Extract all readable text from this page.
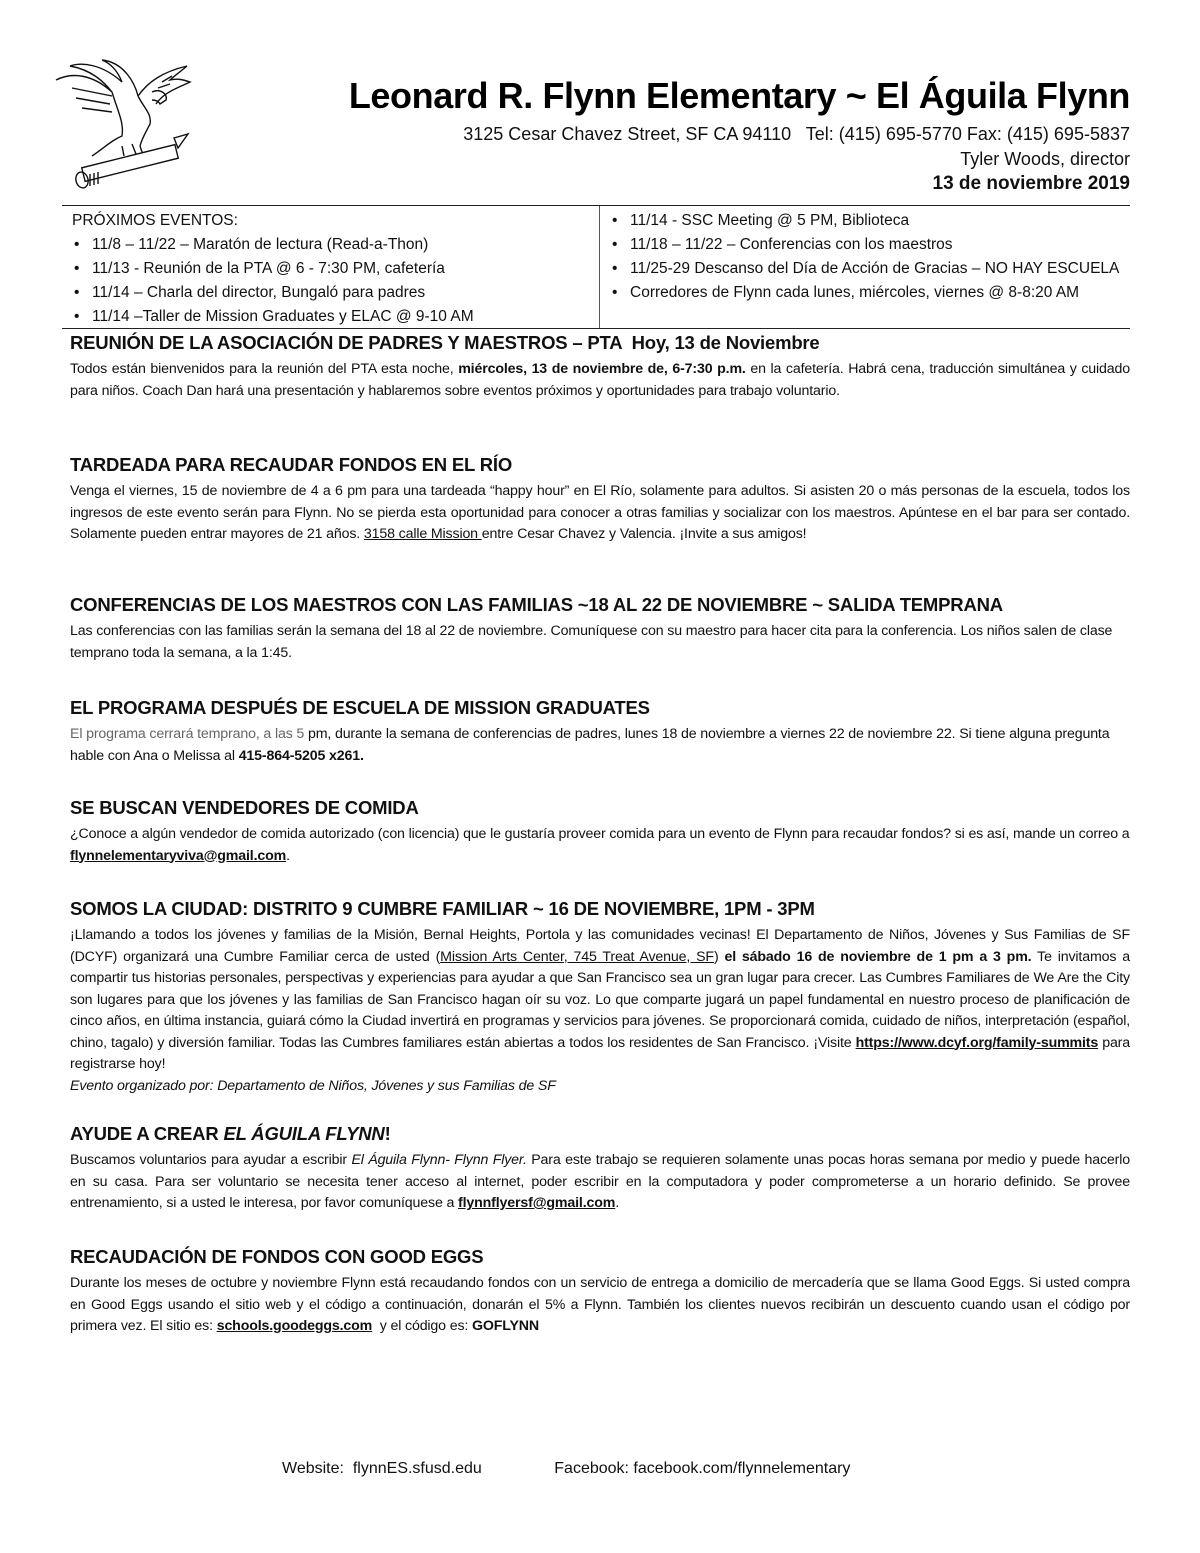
Leonard R. Flynn Elementary ~ El Águila Flynn
3125 Cesar Chavez Street, SF CA 94110   Tel: (415) 695-5770 Fax: (415) 695-5837
Tyler Woods, director
13 de noviembre 2019
PRÓXIMOS EVENTOS:
• 11/8 – 11/22 – Maratón de lectura (Read-a-Thon)
• 11/13 - Reunión de la PTA @ 6 - 7:30 PM, cafetería
• 11/14 – Charla del director, Bungaló para padres
• 11/14 –Taller de Mission Graduates y ELAC @ 9-10 AM
• 11/14 - SSC Meeting @ 5 PM, Biblioteca
• 11/18 – 11/22 – Conferencias con los maestros
• 11/25-29 Descanso del Día de Acción de Gracias – NO HAY ESCUELA
• Corredores de Flynn cada lunes, miércoles, viernes @ 8-8:20 AM
REUNIÓN DE LA ASOCIACIÓN DE PADRES Y MAESTROS – PTA  Hoy, 13 de Noviembre
Todos están bienvenidos para la reunión del PTA esta noche, miércoles, 13 de noviembre de, 6-7:30 p.m. en la cafetería. Habrá cena, traducción simultánea y cuidado para niños. Coach Dan hará una presentación y hablaremos sobre eventos próximos y oportunidades para trabajo voluntario.
TARDEADA PARA RECAUDAR FONDOS EN EL RÍO
Venga el viernes, 15 de noviembre de 4 a 6 pm para una tardeada “happy hour” en El Río, solamente para adultos. Si asisten 20 o más personas de la escuela, todos los ingresos de este evento serán para Flynn. No se pierda esta oportunidad para conocer a otras familias y socializar con los maestros. Apúntese en el bar para ser contado. Solamente pueden entrar mayores de 21 años. 3158 calle Mission entre Cesar Chavez y Valencia. ¡Invite a sus amigos!
CONFERENCIAS DE LOS MAESTROS CON LAS FAMILIAS ~18 AL 22 DE NOVIEMBRE ~ SALIDA TEMPRANA
Las conferencias con las familias serán la semana del 18 al 22 de noviembre. Comuníquese con su maestro para hacer cita para la conferencia. Los niños salen de clase temprano toda la semana, a la 1:45.
EL PROGRAMA DESPUÉS DE ESCUELA DE MISSION GRADUATES
El programa cerrará temprano, a las 5 pm, durante la semana de conferencias de padres, lunes 18 de noviembre a viernes 22 de noviembre 22. Si tiene alguna pregunta hable con Ana o Melissa al 415-864-5205 x261.
SE BUSCAN VENDEDORES DE COMIDA
¿Conoce a algún vendedor de comida autorizado (con licencia) que le gustaría proveer comida para un evento de Flynn para recaudar fondos? si es así, mande un correo a flynnelementaryviva@gmail.com.
SOMOS LA CIUDAD: DISTRITO 9 CUMBRE FAMILIAR ~ 16 DE NOVIEMBRE, 1PM - 3PM
¡Llamando a todos los jóvenes y familias de la Misión, Bernal Heights, Portola y las comunidades vecinas! El Departamento de Niños, Jóvenes y Sus Familias de SF (DCYF) organizará una Cumbre Familiar cerca de usted (Mission Arts Center, 745 Treat Avenue, SF) el sábado 16 de noviembre de 1 pm a 3 pm. Te invitamos a compartir tus historias personales, perspectivas y experiencias para ayudar a que San Francisco sea un gran lugar para crecer. Las Cumbres Familiares de We Are the City son lugares para que los jóvenes y las familias de San Francisco hagan oír su voz. Lo que comparte jugará un papel fundamental en nuestro proceso de planificación de cinco años, en última instancia, guiará cómo la Ciudad invertirá en programas y servicios para jóvenes. Se proporcionará comida, cuidado de niños, interpretación (español, chino, tagalo) y diversión familiar. Todas las Cumbres familiares están abiertas a todos los residentes de San Francisco. ¡Visite https://www.dcyf.org/family-summits para registrarse hoy!
Evento organizado por: Departamento de Niños, Jóvenes y sus Familias de SF
AYUDE A CREAR EL ÁGUILA FLYNN!
Buscamos voluntarios para ayudar a escribir El Águila Flynn- Flynn Flyer. Para este trabajo se requieren solamente unas pocas horas semana por medio y puede hacerlo en su casa. Para ser voluntario se necesita tener acceso al internet, poder escribir en la computadora y poder comprometerse a un horario definido. Se provee entrenamiento, si a usted le interesa, por favor comuníquese a flynnflyersf@gmail.com.
RECAUDACIÓN DE FONDOS CON GOOD EGGS
Durante los meses de octubre y noviembre Flynn está recaudando fondos con un servicio de entrega a domicilio de mercadería que se llama Good Eggs. Si usted compra en Good Eggs usando el sitio web y el código a continuación, donarán el 5% a Flynn. También los clientes nuevos recibirán un descuento cuando usan el código por primera vez. El sitio es: schools.goodeggs.com  y el código es: GOFLYNN
Website:  flynnES.sfusd.edu	Facebook: facebook.com/flynnelementary
